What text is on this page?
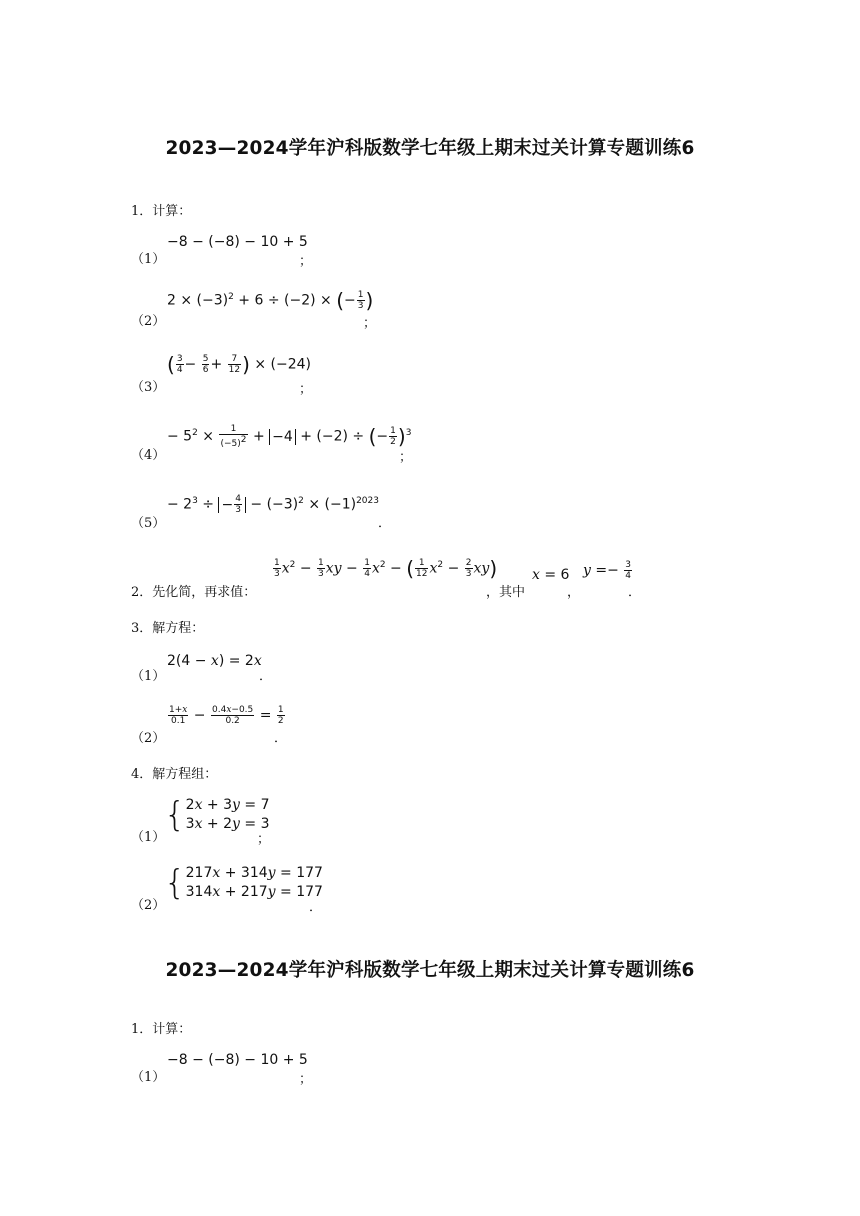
2023—2024学年沪科版数学七年级上期末过关计算专题训练6
1．计算：
（1）
−8 − (−8) − 10 + 5
；
（2）
$2 \times (-3)^2 + 6 \div (-2)$ × (− $\frac{1}{3}$ )
；
（3）
( $\frac{3}{4} - \frac{5}{6} + \frac{7}{12}$ ) × (−24)
；
（4）
− $5^2 \times \frac{1}{(-5)^2} + -4 + (-2)$ ÷ (− $\frac{1}{2} )^3$
；
（5）
− $2^3$ ÷ − $\frac{4}{3} - (-3)^2 \times (-1)^{2023}$
．
2．先化简，再求值：
$\frac{1}{3} x^2 - \frac{1}{3}$ xy − $\frac{1}{4} x^2$ − ( $\frac{1}{12} x^2 - \frac{2}{3} xy$)
，其中
x = 6
，
$y =- \frac{3}{4}$
．
3．解方程：
（1）
2(4 − x) = 2x
．
（2）
$\frac{1+x}{0.1} - \frac{0.4x-0.5}{0.2} = \frac{1}{2}$
．
4．解方程组：
（1）
{ 2x + 3y = 7
3x + 2y = 3
；
（2）
{ 217x + 314y = 177
314x + 217y = 177
．
2023—2024学年沪科版数学七年级上期末过关计算专题训练6
1．计算：
（1）
−8 − (−8) − 10 + 5
；
